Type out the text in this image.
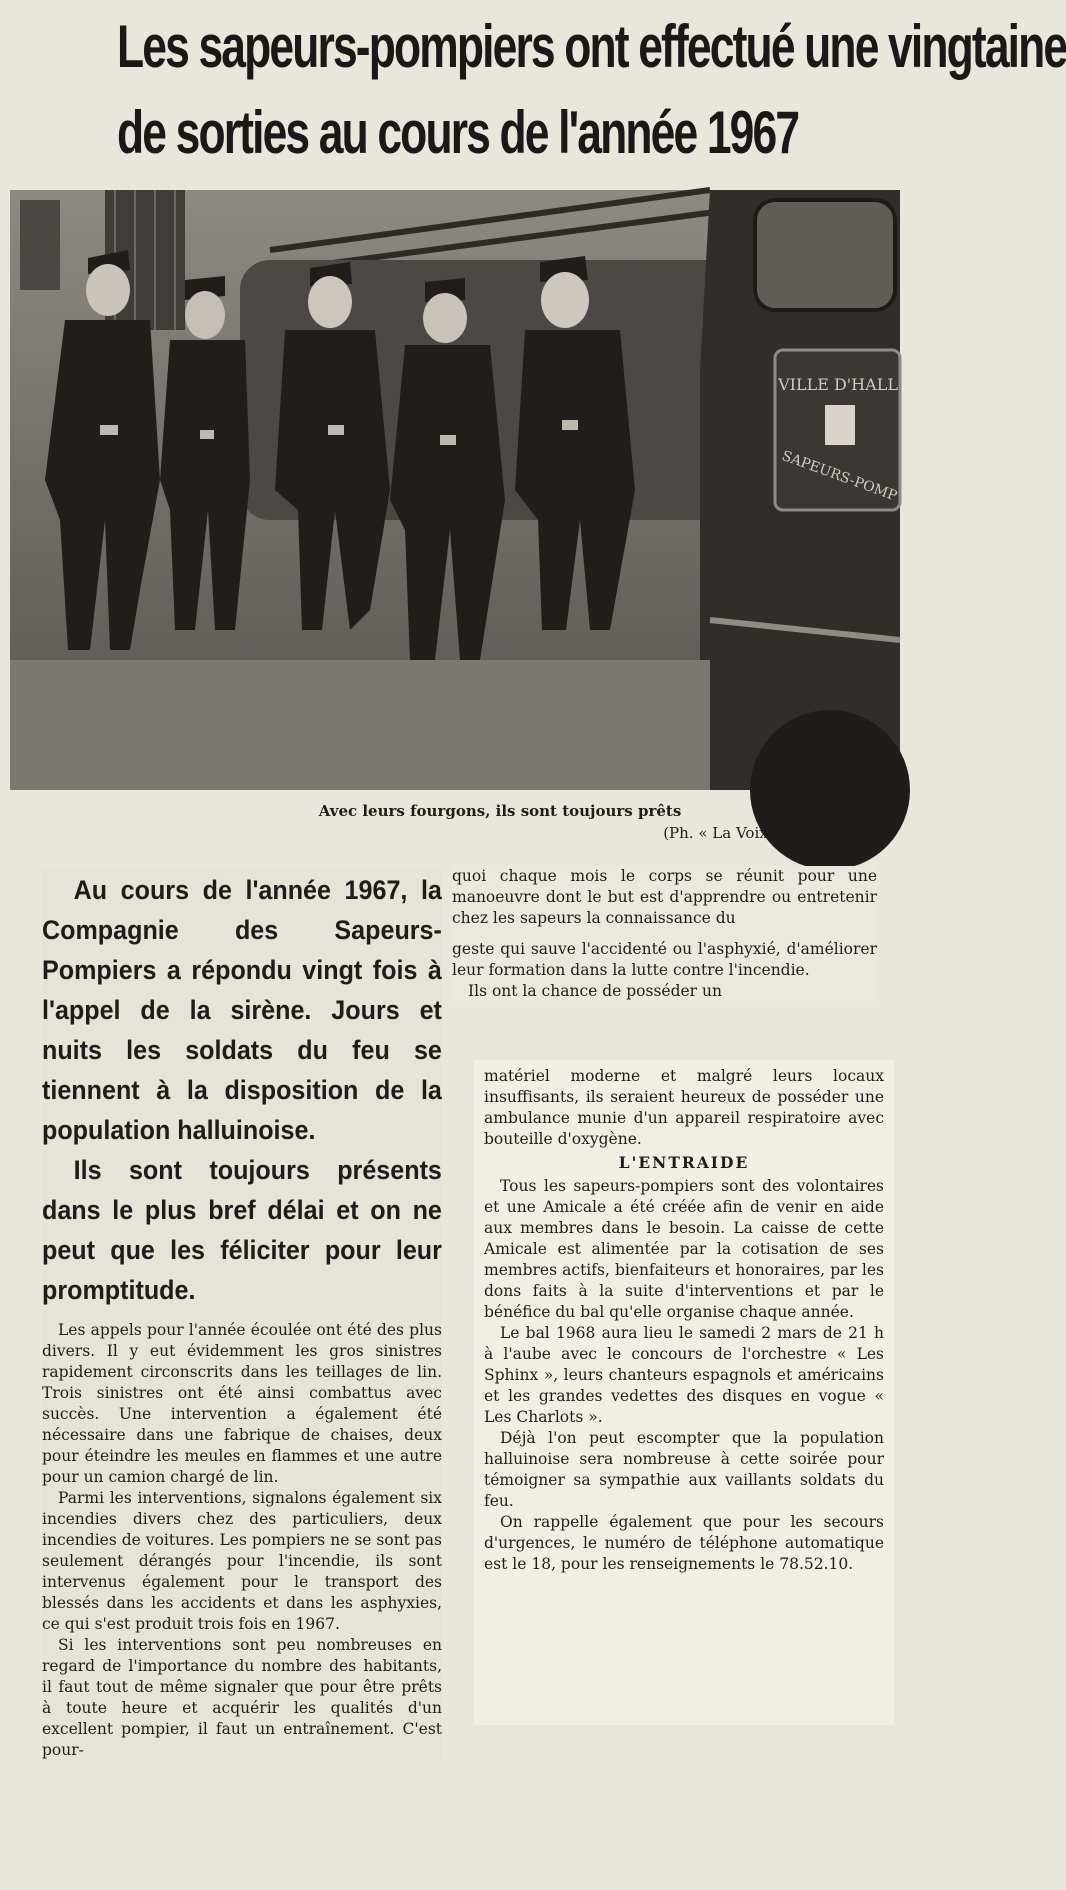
Les sapeurs-pompiers ont effectué une vingtaine
de sorties au cours de l'année 1967
VILLE D'HALL
SAPEURS-POMP
Avec leurs fourgons, ils sont toujours prêts
(Ph. « La Voix du Nord »).

Au cours de l'année 1967, la Compagnie des Sapeurs-Pompiers a répondu vingt fois à l'appel de la sirène. Jours et nuits les soldats du feu se tiennent à la disposition de la population halluinoise.

Ils sont toujours présents dans le plus bref délai et on ne peut que les féliciter pour leur promptitude.

Les appels pour l'année écoulée ont été des plus divers. Il y eut évidemment les gros sinistres rapidement circonscrits dans les teillages de lin. Trois sinistres ont été ainsi combattus avec succès. Une intervention a également été nécessaire dans une fabrique de chaises, deux pour éteindre les meules en flammes et une autre pour un camion chargé de lin.

Parmi les interventions, signalons également six incendies divers chez des particuliers, deux incendies de voitures. Les pompiers ne se sont pas seulement dérangés pour l'incendie, ils sont intervenus également pour le transport des blessés dans les accidents et dans les asphyxies, ce qui s'est produit trois fois en 1967.

Si les interventions sont peu nombreuses en regard de l'importance du nombre des habitants, il faut tout de même signaler que pour être prêts à toute heure et acquérir les qualités d'un excellent pompier, il faut un entraînement. C'est pour-

quoi chaque mois le corps se réunit pour une manoeuvre dont le but est d'apprendre ou entretenir chez les sapeurs la connaissance du

geste qui sauve l'accidenté ou l'asphyxié, d'améliorer leur formation dans la lutte contre l'incendie.

Ils ont la chance de posséder un

matériel moderne et malgré leurs locaux insuffisants, ils seraient heureux de posséder une ambulance munie d'un appareil respiratoire avec bouteille d'oxygène.

L'ENTRAIDE

Tous les sapeurs-pompiers sont des volontaires et une Amicale a été créée afin de venir en aide aux membres dans le besoin. La caisse de cette Amicale est alimentée par la cotisation de ses membres actifs, bienfaiteurs et honoraires, par les dons faits à la suite d'interventions et par le bénéfice du bal qu'elle organise chaque année.

Le bal 1968 aura lieu le samedi 2 mars de 21 h à l'aube avec le concours de l'orchestre « Les Sphinx », leurs chanteurs espagnols et américains et les grandes vedettes des disques en vogue « Les Charlots ».

Déjà l'on peut escompter que la population halluinoise sera nombreuse à cette soirée pour témoigner sa sympathie aux vaillants soldats du feu.

On rappelle également que pour les secours d'urgences, le numéro de téléphone automatique est le 18, pour les renseignements le 78.52.10.
